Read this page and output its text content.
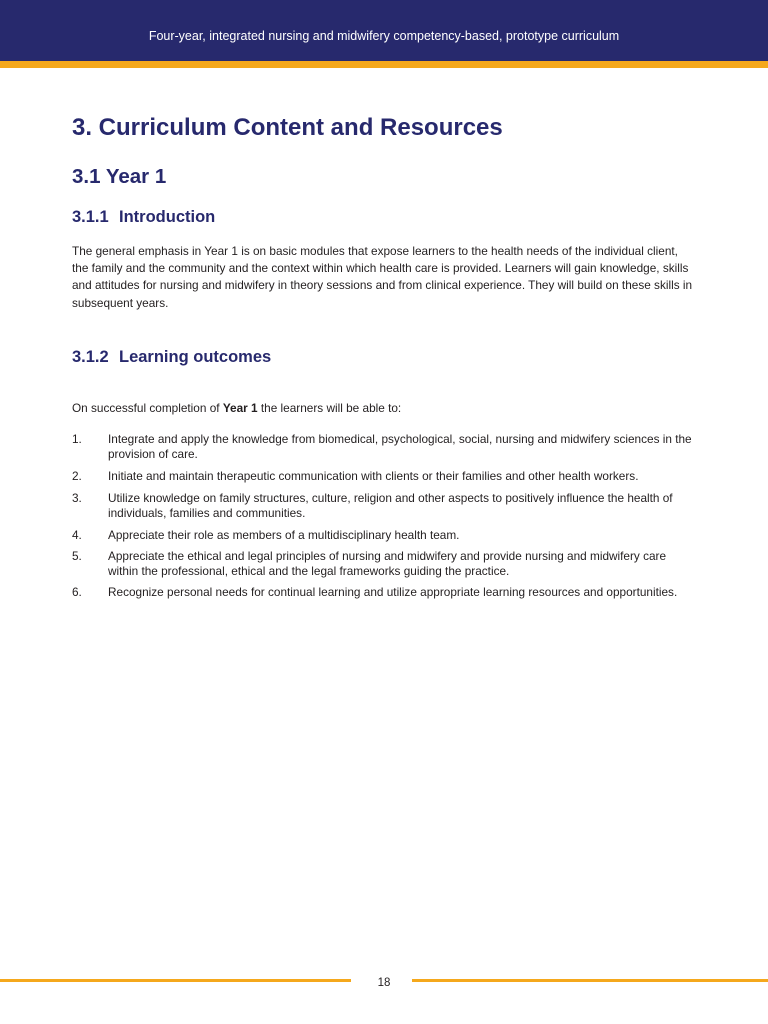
Four-year, integrated nursing and midwifery competency-based, prototype curriculum
3. Curriculum Content and Resources
3.1 Year 1
3.1.1 Introduction

The general emphasis in Year 1 is on basic modules that expose learners to the health needs of the individual client, the family and the community and the context within which health care is provided. Learners will gain knowledge, skills and attitudes for nursing and midwifery in theory sessions and from clinical experience. They will build on these skills in subsequent years.

3.1.2 Learning outcomes

On successful completion of Year 1 the learners will be able to:

1. Integrate and apply the knowledge from biomedical, psychological, social, nursing and midwifery sciences in the provision of care.
2. Initiate and maintain therapeutic communication with clients or their families and other health workers.
3. Utilize knowledge on family structures, culture, religion and other aspects to positively influence the health of individuals, families and communities.
4. Appreciate their role as members of a multidisciplinary health team.
5. Appreciate the ethical and legal principles of nursing and midwifery and provide nursing and midwifery care within the professional, ethical and the legal frameworks guiding the practice.
6. Recognize personal needs for continual learning and utilize appropriate learning resources and opportunities.
18
